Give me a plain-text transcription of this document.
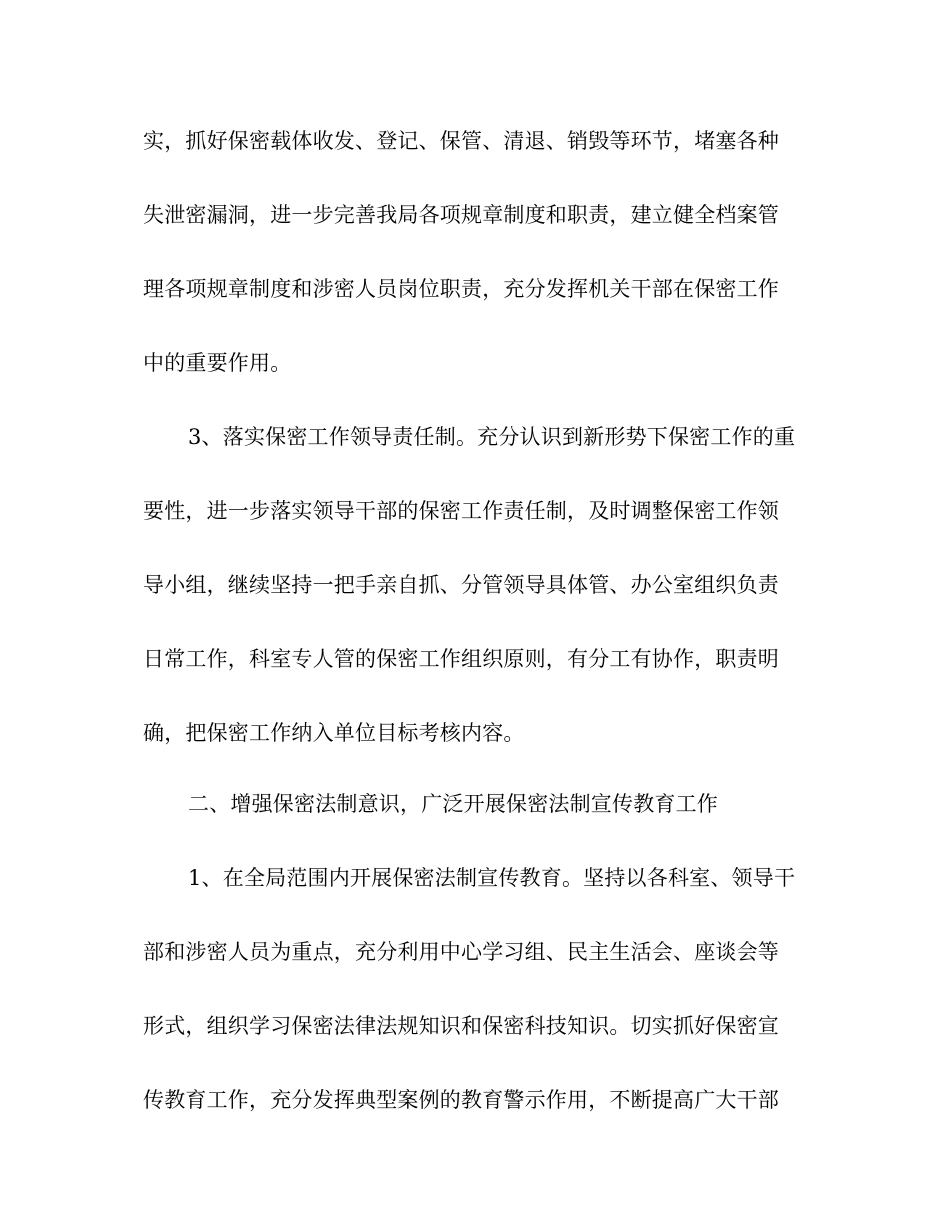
实，抓好保密载体收发、登记、保管、清退、销毁等环节，堵塞各种
失泄密漏洞，进一步完善我局各项规章制度和职责，建立健全档案管
理各项规章制度和涉密人员岗位职责，充分发挥机关干部在保密工作
中的重要作用。
3、落实保密工作领导责任制。充分认识到新形势下保密工作的重
要性，进一步落实领导干部的保密工作责任制，及时调整保密工作领
导小组，继续坚持一把手亲自抓、分管领导具体管、办公室组织负责
日常工作，科室专人管的保密工作组织原则，有分工有协作，职责明
确，把保密工作纳入单位目标考核内容。
二、增强保密法制意识，广泛开展保密法制宣传教育工作
1、在全局范围内开展保密法制宣传教育。坚持以各科室、领导干
部和涉密人员为重点，充分利用中心学习组、民主生活会、座谈会等
形式，组织学习保密法律法规知识和保密科技知识。切实抓好保密宣
传教育工作，充分发挥典型案例的教育警示作用，不断提高广大干部
